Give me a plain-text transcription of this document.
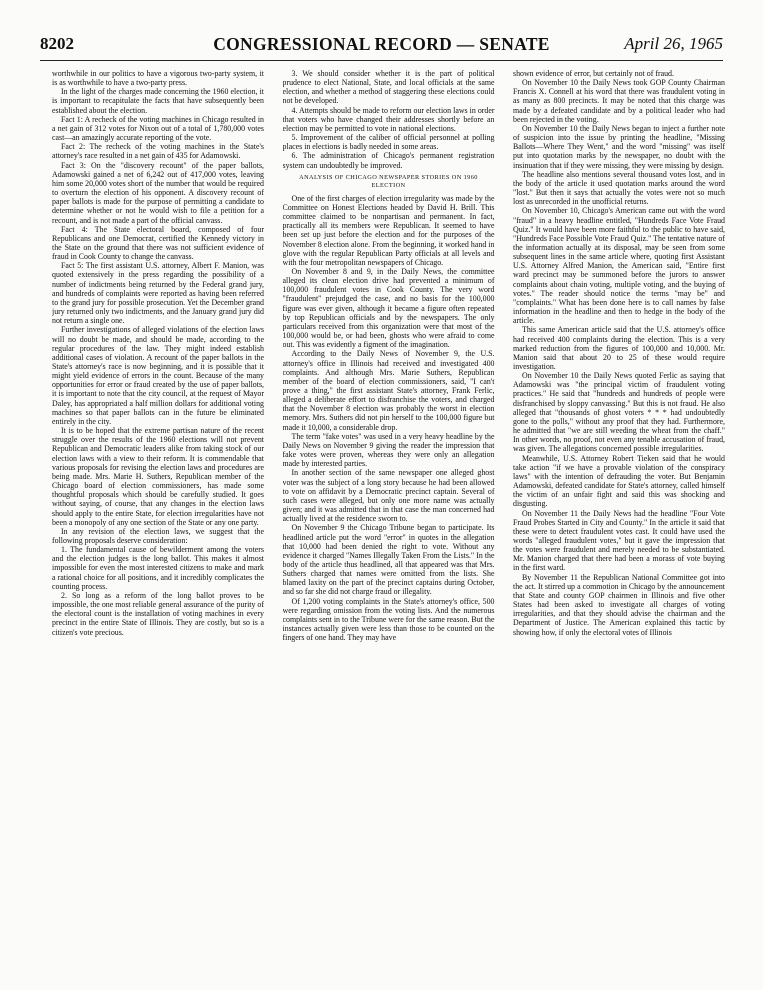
8202	CONGRESSIONAL RECORD — SENATE	April 26, 1965

worthwhile in our politics to have a vigorous two-party system, it is as worthwhile to have a two-party press.

In the light of the charges made concerning the 1960 election, it is important to recapitulate the facts that have subsequently been established about the election.

Fact 1: A recheck of the voting machines in Chicago resulted in a net gain of 312 votes for Nixon out of a total of 1,780,000 votes cast—an amazingly accurate reporting of the vote.

Fact 2: The recheck of the voting machines in the State's attorney's race resulted in a net gain of 435 for Adamowski.

Fact 3: On the "discovery recount" of the paper ballots, Adamowski gained a net of 6,242 out of 417,000 votes, leaving him some 20,000 votes short of the number that would be required to overturn the election of his opponent. A discovery recount of paper ballots is made for the purpose of permitting a candidate to determine whether or not he would wish to file a petition for a recount, and is not made a part of the official canvass.

Fact 4: The State electoral board, composed of four Republicans and one Democrat, certified the Kennedy victory in the State on the ground that there was not sufficient evidence of fraud in Cook County to change the canvass.

Fact 5: The first assistant U.S. attorney, Albert F. Manion, was quoted extensively in the press regarding the possibility of a number of indictments being returned by the Federal grand jury, and hundreds of complaints were reported as having been referred to the grand jury for possible prosecution. Yet the December grand jury returned only two indictments, and the January grand jury did not return a single one.

Further investigations of alleged violations of the election laws will no doubt be made, and should be made, according to the regular procedures of the law. They might indeed establish additional cases of violation. A recount of the paper ballots in the State's attorney's race is now beginning, and it is possible that it might yield evidence of errors in the count. Because of the many opportunities for error or fraud created by the use of paper ballots, it is important to note that the city council, at the request of Mayor Daley, has appropriated a half million dollars for additional voting machines so that paper ballots can in the future be eliminated entirely in the city.

It is to be hoped that the extreme partisan nature of the recent struggle over the results of the 1960 elections will not prevent Republican and Democratic leaders alike from taking stock of our election laws with a view to their reform. It is commendable that various proposals for revising the election laws and procedures are being made. Mrs. Marie H. Suthers, Republican member of the Chicago board of election commissioners, has made some thoughtful proposals which should be carefully studied. It goes without saying, of course, that any changes in the election laws should apply to the entire State, for election irregularities have not been a monopoly of any one section of the State or any one party.

In any revision of the election laws, we suggest that the following proposals deserve consideration:

1. The fundamental cause of bewilderment among the voters and the election judges is the long ballot. This makes it almost impossible for even the most interested citizens to make and mark a rational choice for all positions, and it incredibly complicates the counting process.

2. So long as a reform of the long ballot proves to be impossible, the one most reliable general assurance of the purity of the electoral count is the installation of voting machines in every precinct in the entire State of Illinois. They are costly, but so is a citizen's vote precious.

3. We should consider whether it is the part of political prudence to elect National, State, and local officials at the same election, and whether a method of staggering these elections could not be developed.

4. Attempts should be made to reform our election laws in order that voters who have changed their addresses shortly before an election may be permitted to vote in national elections.

5. Improvement of the caliber of official personnel at polling places in elections is badly needed in some areas.

6. The administration of Chicago's permanent registration system can undoubtedly be improved.

ANALYSIS OF CHICAGO NEWSPAPER STORIES ON 1960 ELECTION

One of the first charges of election irregularity was made by the Committee on Honest Elections headed by David H. Brill. This committee claimed to be nonpartisan and permanent. In fact, practically all its members were Republican. It seemed to have been set up just before the election and for the purposes of the November 8 election alone. From the beginning, it worked hand in glove with the regular Republican Party officials at all levels and with the four metropolitan newspapers of Chicago.

On November 8 and 9, in the Daily News, the committee alleged its clean election drive had prevented a minimum of 100,000 fraudulent votes in Cook County. The very word "fraudulent" prejudged the case, and no basis for the 100,000 figure was ever given, although it became a figure often repeated by top Republican officials and by the newspapers. The only particulars received from this organization were that most of the 100,000 would be, or had been, ghosts who were afraid to come out. This was evidently a figment of the imagination.

According to the Daily News of November 9, the U.S. attorney's office in Illinois had received and investigated 400 complaints. And although Mrs. Marie Suthers, Republican member of the board of election commissioners, said, "I can't prove a thing," the first assistant State's attorney, Frank Ferlic, alleged a deliberate effort to disfranchise the voters, and charged that the November 8 election was probably the worst in election memory. Mrs. Suthers did not pin herself to the 100,000 figure but made it 10,000, a considerable drop.

The term "fake votes" was used in a very heavy headline by the Daily News on November 9 giving the reader the impression that fake votes were proven, whereas they were only an allegation made by interested parties.

In another section of the same newspaper one alleged ghost voter was the subject of a long story because he had been allowed to vote on affidavit by a Democratic precinct captain. Several of such cases were alleged, but only one more name was actually given; and it was admitted that in that case the man concerned had actually lived at the residence sworn to.

On November 9 the Chicago Tribune began to participate. Its headlined article put the word "error" in quotes in the allegation that 10,000 had been denied the right to vote. Without any evidence it charged "Names Illegally Taken From the Lists." In the body of the article thus headlined, all that appeared was that Mrs. Suthers charged that names were omitted from the lists. She blamed laxity on the part of the precinct captains during October, and so far she did not charge fraud or illegality.

Of 1,200 voting complaints in the State's attorney's office, 500 were regarding omission from the voting lists. And the numerous complaints sent in to the Tribune were for the same reason. But the instances actually given were less than those to be counted on the fingers of one hand. They may have

shown evidence of error, but certainly not of fraud.

On November 10 the Daily News took GOP County Chairman Francis X. Connell at his word that there was fraudulent voting in as many as 800 precincts. It may be noted that this charge was made by a defeated candidate and by a political leader who had been rejected in the voting.

On November 10 the Daily News began to inject a further note of suspicion into the issue by printing the headline, "Missing Ballots—Where They Went," and the word "missing" was itself put into quotation marks by the newspaper, no doubt with the insinuation that if they were missing, they were missing by design.

The headline also mentions several thousand votes lost, and in the body of the article it used quotation marks around the word "lost." But then it says that actually the votes were not so much lost as unrecorded in the unofficial returns.

On November 10, Chicago's American came out with the word "fraud" in a heavy headline entitled, "Hundreds Face Vote Fraud Quiz." It would have been more faithful to the public to have said, "Hundreds Face Possible Vote Fraud Quiz." The tentative nature of the information actually at its disposal, may be seen from some subsequent lines in the same article where, quoting first Assistant U.S. Attorney Alfred Manion, the American said, "Entire first ward precinct may be summoned before the jurors to answer complaints about chain voting, multiple voting, and the buying of votes." The reader should notice the terms "may be" and "complaints." What has been done here is to call names by false information in the headline and then to hedge in the body of the article.

This same American article said that the U.S. attorney's office had received 400 complaints during the election. This is a very marked reduction from the figures of 100,000 and 10,000. Mr. Manion said that about 20 to 25 of these would require investigation.

On November 10 the Daily News quoted Ferlic as saying that Adamowski was "the principal victim of fraudulent voting practices." He said that "hundreds and hundreds of people were disfranchised by sloppy canvassing." But this is not fraud. He also alleged that "thousands of ghost voters * * * had undoubtedly gone to the polls," without any proof that they had. Furthermore, he admitted that "we are still weeding the wheat from the chaff." In other words, no proof, not even any tenable accusation of fraud, was given. The allegations concerned possible irregularities.

Meanwhile, U.S. Attorney Robert Tieken said that he would take action "if we have a provable violation of the conspiracy laws" with the intention of defrauding the voter. But Benjamin Adamowski, defeated candidate for State's attorney, called himself the victim of an unfair fight and said this was shocking and disgusting.

On November 11 the Daily News had the headline "Four Vote Fraud Probes Started in City and County." In the article it said that these were to detect fraudulent votes cast. It could have used the words "alleged fraudulent votes," but it gave the impression that the votes were fraudulent and merely needed to be substantiated. Mr. Manion charged that there had been a morass of vote buying in the first ward.

By November 11 the Republican National Committee got into the act. It stirred up a commotion in Chicago by the announcement that State and county GOP chairmen in Illinois and five other States had been asked to investigate all charges of voting irregularities, and that they should advise the chairman and the Department of Justice. The American explained this tactic by showing how, if only the electoral votes of Illinois
